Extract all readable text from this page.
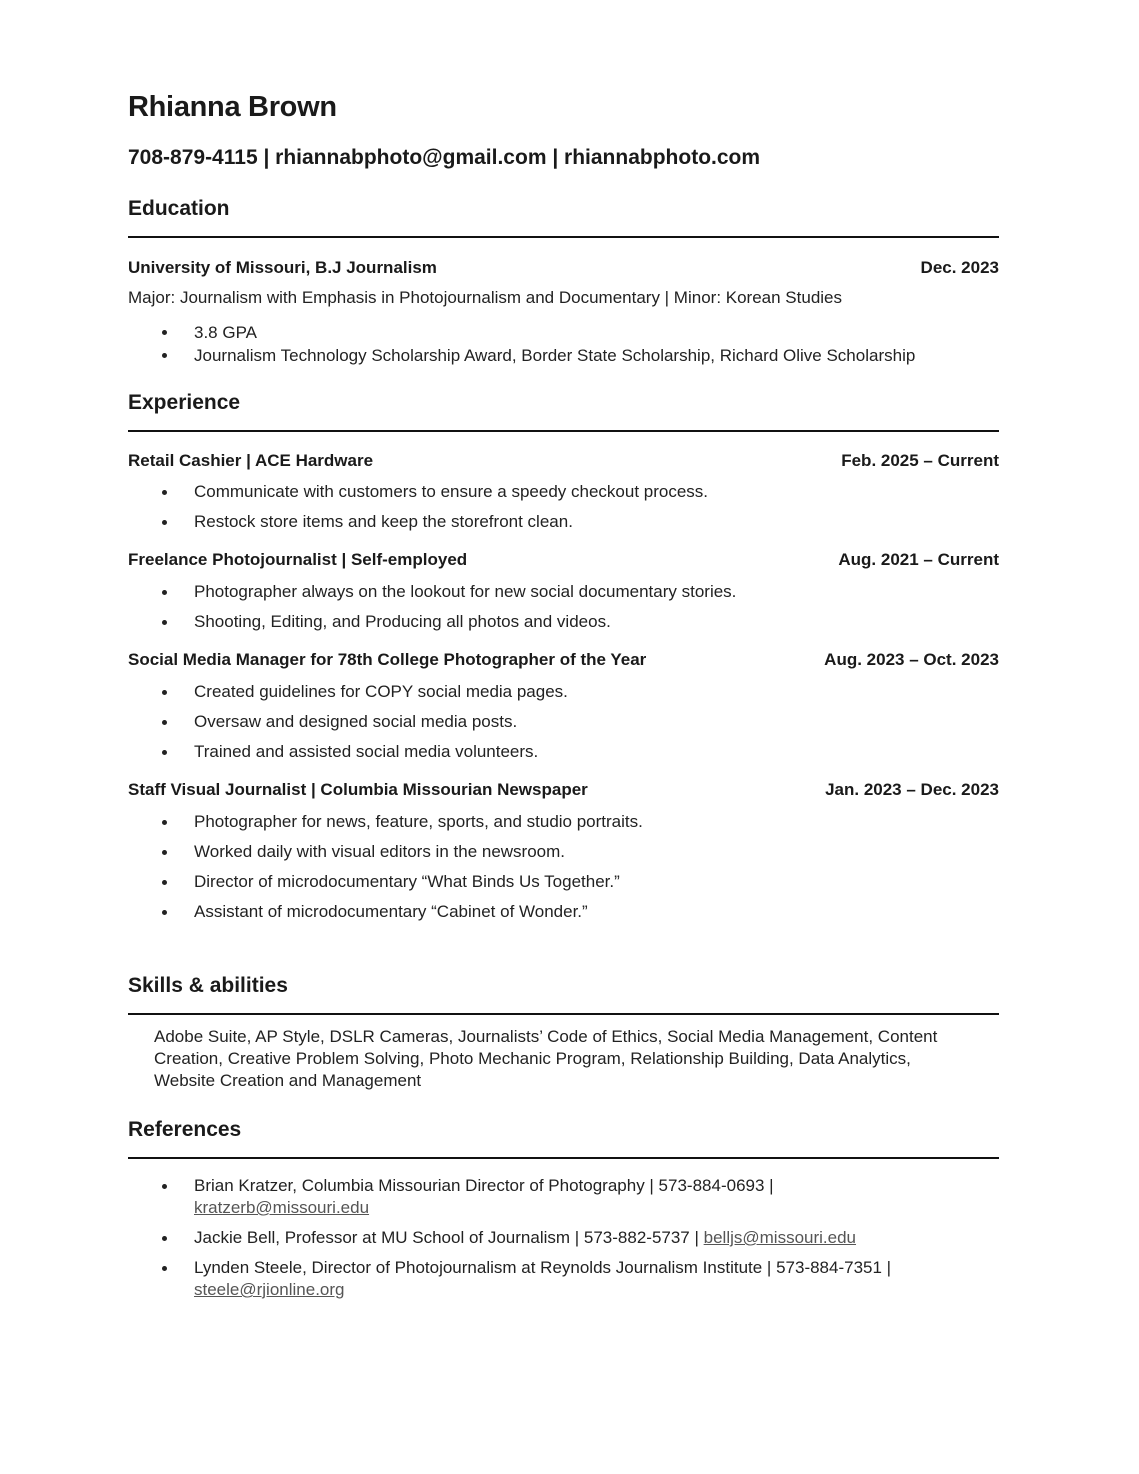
Rhianna Brown

708-879-4115 | rhiannabphoto@gmail.com | rhiannabphoto.com

Education
University of Missouri, B.J Journalism	Dec. 2023
Major: Journalism with Emphasis in Photojournalism and Documentary | Minor: Korean Studies
3.8 GPA
Journalism Technology Scholarship Award, Border State Scholarship, Richard Olive Scholarship
Experience
Retail Cashier | ACE Hardware	Feb. 2025 – Current
Communicate with customers to ensure a speedy checkout process.
Restock store items and keep the storefront clean.
Freelance Photojournalist | Self-employed	Aug. 2021 – Current
Photographer always on the lookout for new social documentary stories.
Shooting, Editing, and Producing all photos and videos.
Social Media Manager for 78th College Photographer of the Year	Aug. 2023 – Oct. 2023
Created guidelines for COPY social media pages.
Oversaw and designed social media posts.
Trained and assisted social media volunteers.
Staff Visual Journalist | Columbia Missourian Newspaper	Jan. 2023 – Dec. 2023
Photographer for news, feature, sports, and studio portraits.
Worked daily with visual editors in the newsroom.
Director of microdocumentary “What Binds Us Together.”
Assistant of microdocumentary “Cabinet of Wonder.”
Skills & abilities
Adobe Suite, AP Style, DSLR Cameras, Journalists’ Code of Ethics, Social Media Management, Content Creation, Creative Problem Solving, Photo Mechanic Program, Relationship Building, Data Analytics, Website Creation and Management
References
Brian Kratzer, Columbia Missourian Director of Photography | 573-884-0693 |
kratzerb@missouri.edu
Jackie Bell, Professor at MU School of Journalism | 573-882-5737 | belljs@missouri.edu
Lynden Steele, Director of Photojournalism at Reynolds Journalism Institute | 573-884-7351 |
steele@rjionline.org
